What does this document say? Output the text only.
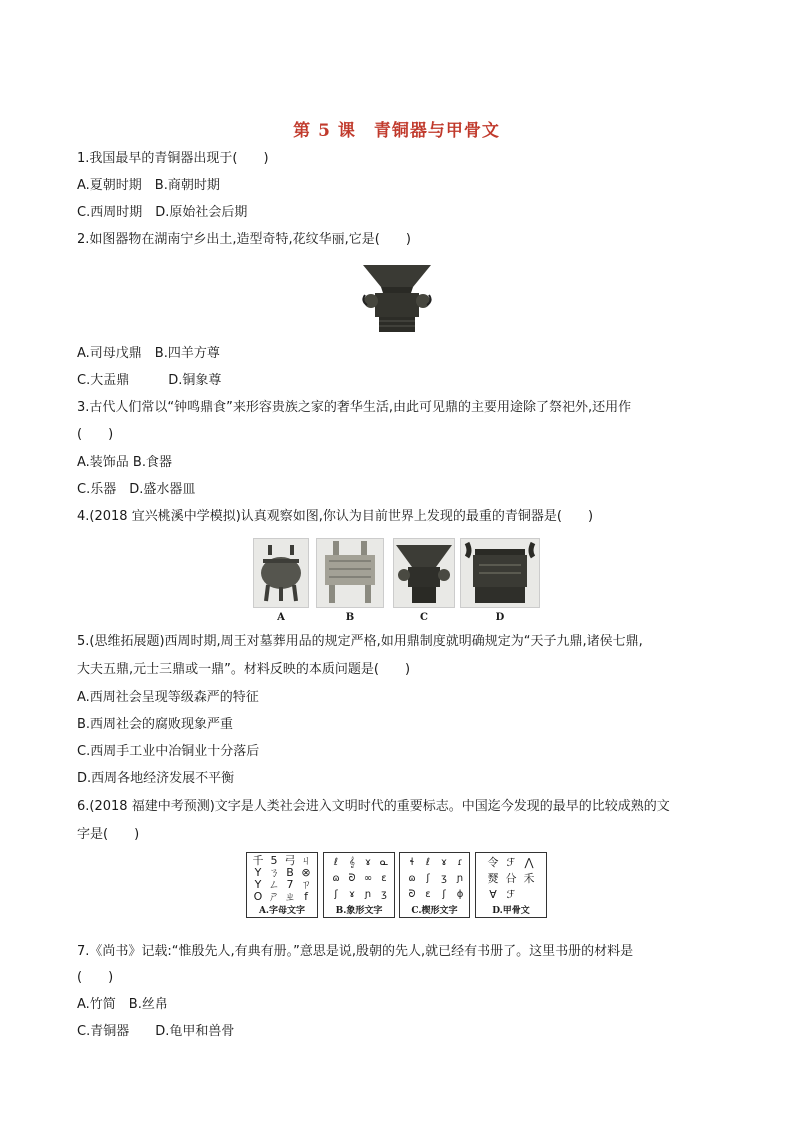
第 5 课　青铜器与甲骨文
1.我国最早的青铜器出现于(　　)
A.夏朝时期　B.商朝时期
C.西周时期　D.原始社会后期
2.如图器物在湖南宁乡出土,造型奇特,花纹华丽,它是(　　)
A.司母戊鼎　B.四羊方尊
C.大盂鼎　　　D.铜象尊
3.古代人们常以“钟鸣鼎食”来形容贵族之家的奢华生活,由此可见鼎的主要用途除了祭祀外,还用作
(　　)
A.装饰品 B.食器
C.乐器　D.盛水器皿
4.(2018 宜兴桃溪中学模拟)认真观察如图,你认为目前世界上发现的最重的青铜器是(　　)
A	B	C	D
5.(思维拓展题)西周时期,周王对墓葬用品的规定严格,如用鼎制度就明确规定为“天子九鼎,诸侯七鼎,
大夫五鼎,元士三鼎或一鼎”。材料反映的本质问题是(　　)
A.西周社会呈现等级森严的特征
B.西周社会的腐败现象严重
C.西周手工业中冶铜业十分落后
D.西周各地经济发展不平衡
6.(2018 福建中考预测)文字是人类社会进入文明时代的重要标志。中国迄今发现的最早的比较成熟的文
字是(　　)
千 5 弓 ㄐ
Y ㄋ B ⊗
Y ㄥ 7 ㄗ
O ㄕ ㄓ f
A.字母文字
ℓ	𝄞	ɤ ᓇ
ɷ ᘐ ∞ ɛ
ʃ	ɤ ɲ ʒ
B.象形文字
ɬ	ℓ	ɤ	ɾ
ɷ	ʃ	ʒ ɲ
ᘐ ɛ	ʃ	ɸ
C.楔形文字
令 ℱ ⋀
燹 㕣 禾
Ɐ ℱ
D.甲骨文
7.《尚书》记载:“惟殷先人,有典有册。”意思是说,殷朝的先人,就已经有书册了。这里书册的材料是
(　　)
A.竹简　B.丝帛
C.青铜器　　D.龟甲和兽骨
